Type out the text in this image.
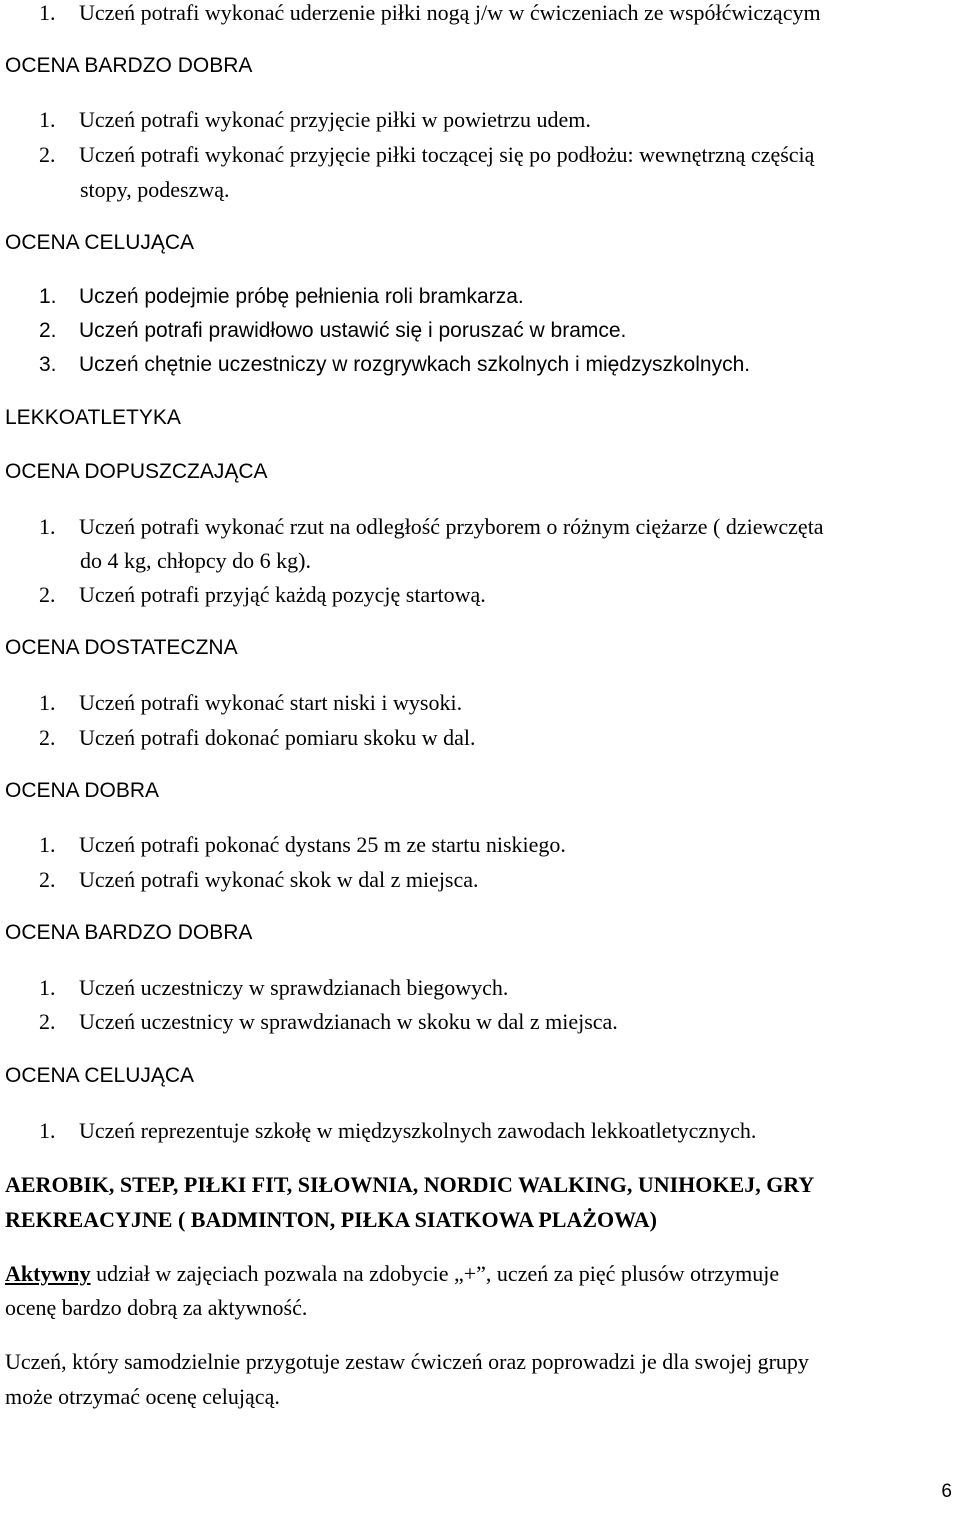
1. Uczeń potrafi wykonać uderzenie piłki nogą j/w w ćwiczeniach ze współćwiczącym
OCENA BARDZO DOBRA
1. Uczeń potrafi wykonać przyjęcie piłki w powietrzu udem.
2. Uczeń potrafi wykonać przyjęcie piłki toczącej się po podłożu: wewnętrzną częścią
stopy, podeszwą.
OCENA CELUJĄCA
1. Uczeń podejmie próbę pełnienia roli bramkarza.
2. Uczeń potrafi prawidłowo ustawić się i poruszać w bramce.
3. Uczeń chętnie uczestniczy w rozgrywkach szkolnych i międzyszkolnych.
LEKKOATLETYKA
OCENA DOPUSZCZAJĄCA
1. Uczeń potrafi wykonać rzut na odległość przyborem o różnym ciężarze ( dziewczęta
do 4 kg, chłopcy do 6 kg).
2. Uczeń potrafi przyjąć każdą pozycję startową.
OCENA DOSTATECZNA
1. Uczeń potrafi wykonać start niski i wysoki.
2. Uczeń potrafi dokonać pomiaru skoku w dal.
OCENA DOBRA
1. Uczeń potrafi pokonać dystans 25 m ze startu niskiego.
2. Uczeń potrafi wykonać skok w dal z miejsca.
OCENA BARDZO DOBRA
1. Uczeń uczestniczy w sprawdzianach biegowych.
2. Uczeń uczestnicy w sprawdzianach w skoku w dal z miejsca.
OCENA CELUJĄCA
1. Uczeń reprezentuje szkołę w międzyszkolnych zawodach lekkoatletycznych.
AEROBIK, STEP, PIŁKI FIT, SIŁOWNIA, NORDIC WALKING, UNIHOKEJ, GRY
REKREACYJNE ( BADMINTON, PIŁKA SIATKOWA PLAŻOWA)
Aktywny udział w zajęciach pozwala na zdobycie „+”, uczeń za pięć plusów otrzymuje
ocenę bardzo dobrą za aktywność.
Uczeń, który samodzielnie przygotuje zestaw ćwiczeń oraz poprowadzi je dla swojej grupy
może otrzymać ocenę celującą.
6
